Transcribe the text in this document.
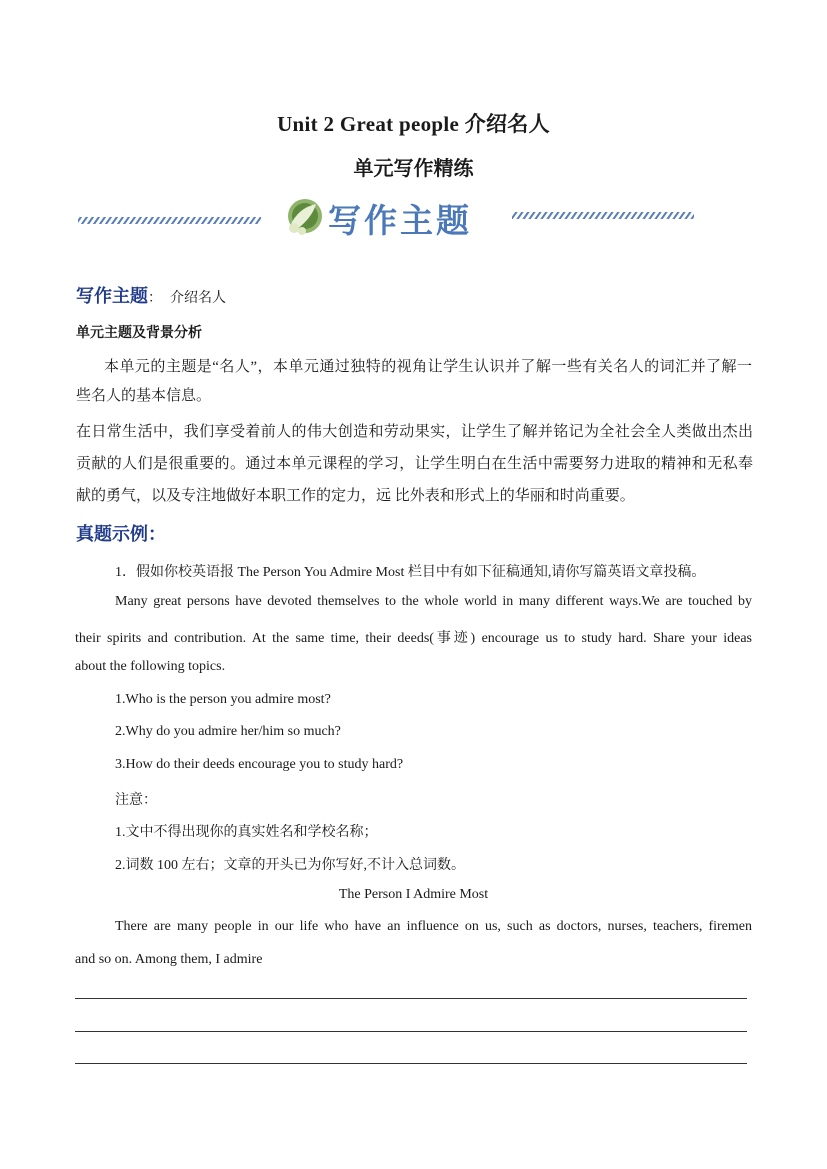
Unit 2 Great people 介绍名人
单元写作精练
写作主题
写作主题： 介绍名人
单元主题及背景分析
本单元的主题是“名人”，本单元通过独特的视角让学生认识并了解一些有关名人的词汇并了解一
些名人的基本信息。
在日常生活中，我们享受着前人的伟大创造和劳动果实，让学生了解并铭记为全社会全人类做出杰出
贡献的人们是很重要的。通过本单元课程的学习，让学生明白在生活中需要努力进取的精神和无私奉
献的勇气，以及专注地做好本职工作的定力，远 比外表和形式上的华丽和时尚重要。
真题示例：
1．假如你校英语报 The Person You Admire Most 栏目中有如下征稿通知,请你写篇英语文章投稿。
Many great persons have devoted themselves to the whole world in many different ways.We are touched by
their spirits and contribution. At the same time, their deeds(事迹) encourage us to study hard. Share your ideas
about the following topics.
1.Who is the person you admire most?
2.Why do you admire her/him so much?
3.How do their deeds encourage you to study hard?
注意：
1.文中不得出现你的真实姓名和学校名称；
2.词数 100 左右；文章的开头已为你写好,不计入总词数。
The Person I Admire Most
There are many people in our life who have an influence on us, such as doctors, nurses, teachers, firemen
and so on. Among them, I admire
